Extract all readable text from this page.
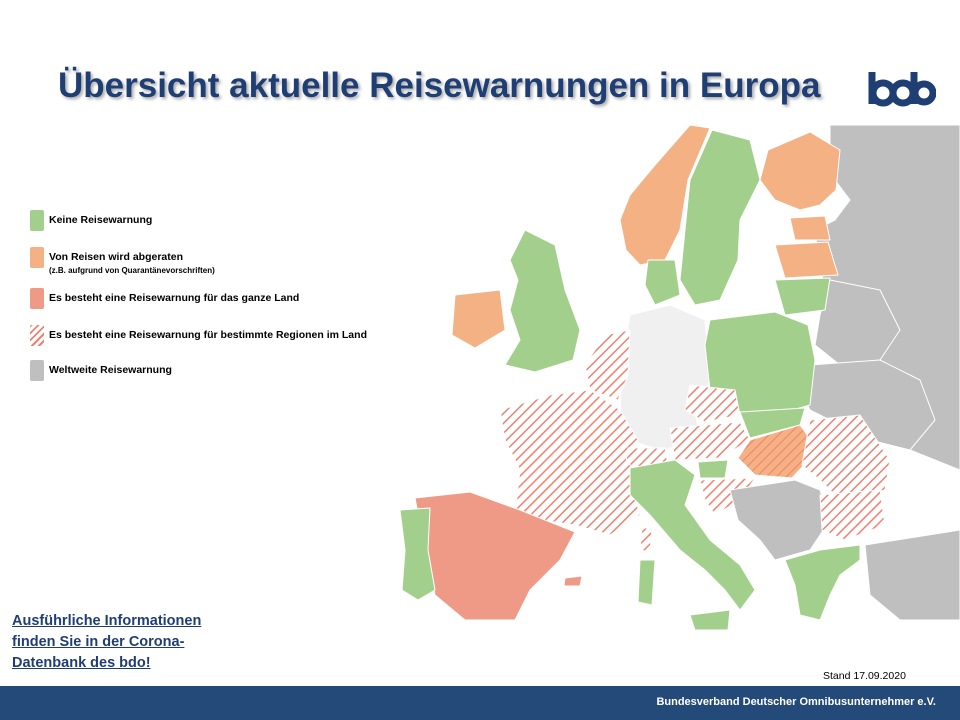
Übersicht aktuelle Reisewarnungen in Europa
Keine Reisewarnung
Von Reisen wird abgeraten
(z.B. aufgrund von Quarantänevorschriften)
Es besteht eine Reisewarnung für das ganze Land
Es besteht eine Reisewarnung für bestimmte Regionen im Land
Weltweite Reisewarnung
Ausführliche Informationen finden Sie in der Corona-Datenbank des bdo!
Stand 17.09.2020
Bundesverband Deutscher Omnibusunternehmer e.V.
